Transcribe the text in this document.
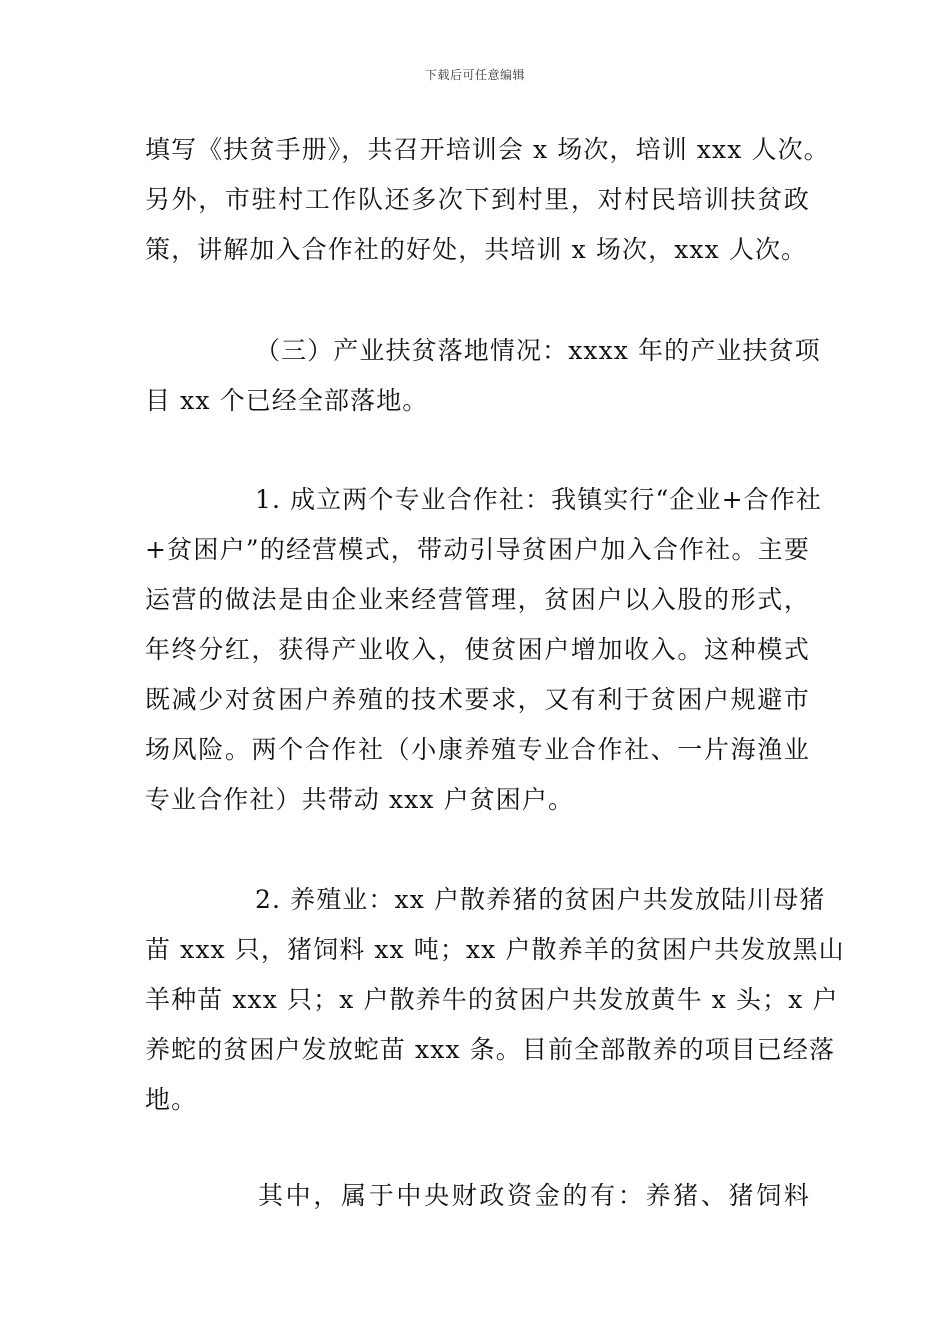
下载后可任意编辑
填写《扶贫手册》，共召开培训会 x 场次，培训 xxx 人次。
另外，市驻村工作队还多次下到村里，对村民培训扶贫政
策，讲解加入合作社的好处，共培训 x 场次，xxx 人次。
（三）产业扶贫落地情况：xxxx 年的产业扶贫项
目 xx 个已经全部落地。
1. 成立两个专业合作社：我镇实行“企业+合作社
+贫困户”的经营模式，带动引导贫困户加入合作社。主要
运营的做法是由企业来经营管理，贫困户以入股的形式，
年终分红，获得产业收入，使贫困户增加收入。这种模式
既减少对贫困户养殖的技术要求，又有利于贫困户规避市
场风险。两个合作社（小康养殖专业合作社、一片海渔业
专业合作社）共带动 xxx 户贫困户。
2. 养殖业：xx 户散养猪的贫困户共发放陆川母猪
苗 xxx 只，猪饲料 xx 吨；xx 户散养羊的贫困户共发放黑山
羊种苗 xxx 只；x 户散养牛的贫困户共发放黄牛 x 头；x 户
养蛇的贫困户发放蛇苗 xxx 条。目前全部散养的项目已经落
地。
其中，属于中央财政资金的有：养猪、猪饲料
